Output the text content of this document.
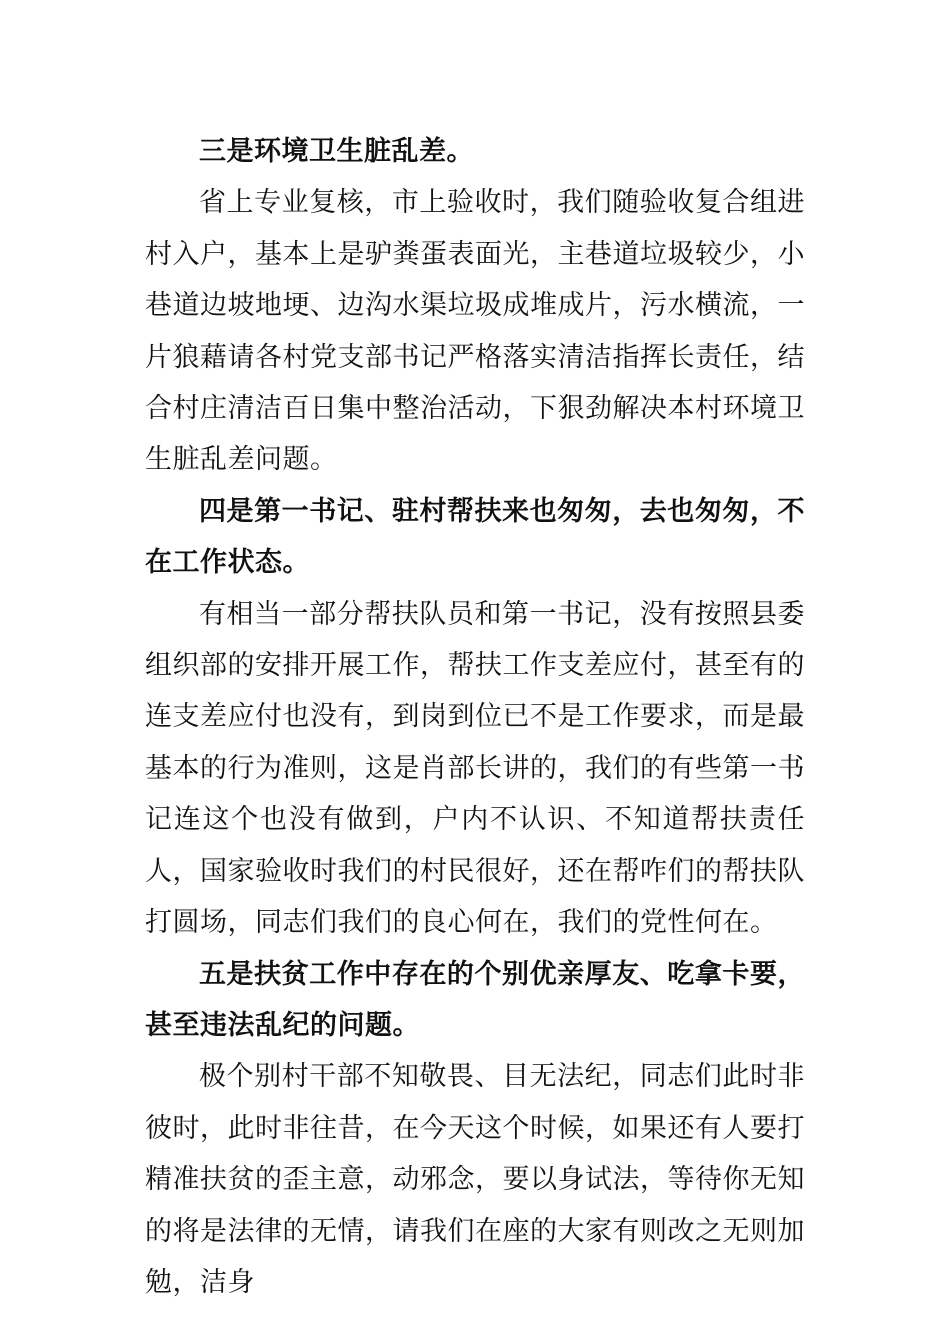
三是环境卫生脏乱差。

省上专业复核，市上验收时，我们随验收复合组进村入户，基本上是驴粪蛋表面光，主巷道垃圾较少，小巷道边坡地埂、边沟水渠垃圾成堆成片，污水横流，一片狼藉请各村党支部书记严格落实清洁指挥长责任，结合村庄清洁百日集中整治活动，下狠劲解决本村环境卫生脏乱差问题。

四是第一书记、驻村帮扶来也匆匆，去也匆匆，不在工作状态。

有相当一部分帮扶队员和第一书记，没有按照县委组织部的安排开展工作，帮扶工作支差应付，甚至有的连支差应付也没有，到岗到位已不是工作要求，而是最基本的行为准则，这是肖部长讲的，我们的有些第一书记连这个也没有做到，户内不认识、不知道帮扶责任人，国家验收时我们的村民很好，还在帮咋们的帮扶队打圆场，同志们我们的良心何在，我们的党性何在。

五是扶贫工作中存在的个别优亲厚友、吃拿卡要，甚至违法乱纪的问题。

极个别村干部不知敬畏、目无法纪，同志们此时非彼时，此时非往昔，在今天这个时候，如果还有人要打精准扶贫的歪主意，动邪念，要以身试法，等待你无知的将是法律的无情，请我们在座的大家有则改之无则加勉，洁身
